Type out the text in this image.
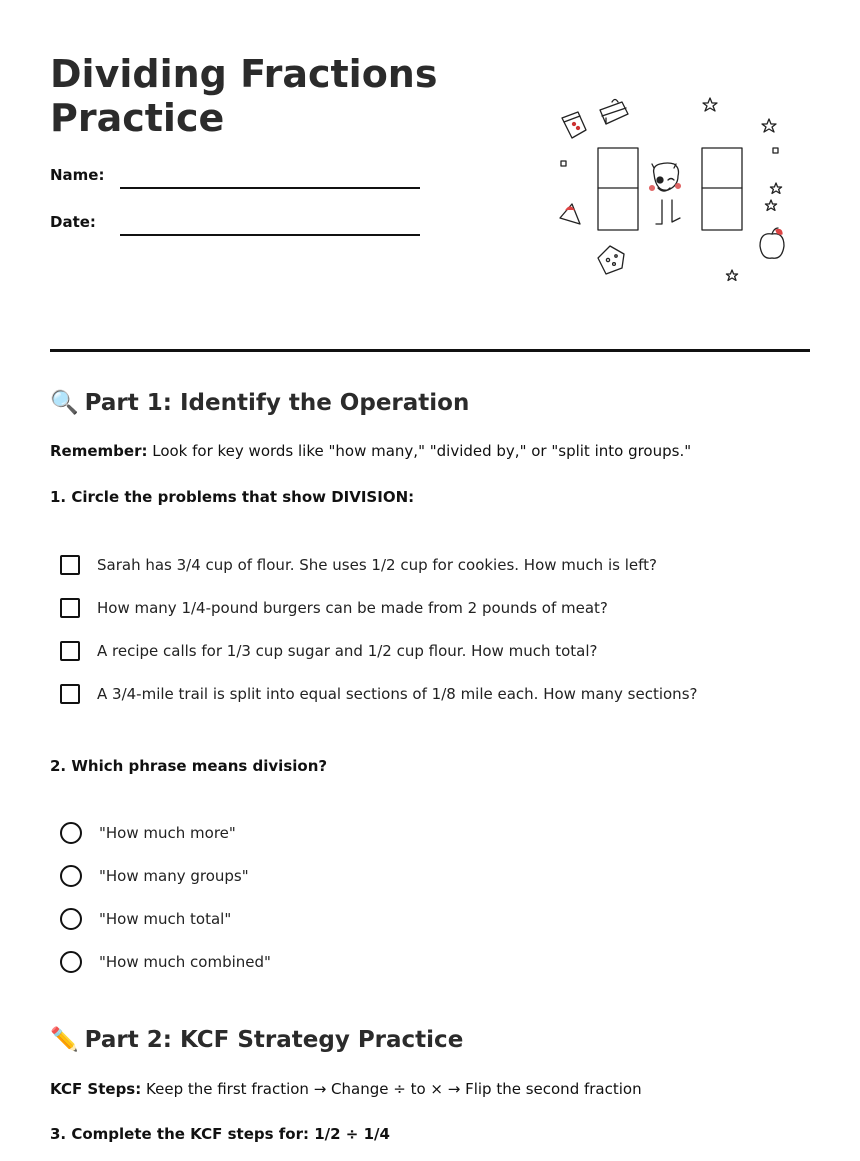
Dividing Fractions
Practice
Name:
Date:
🔍 Part 1: Identify the Operation
Remember: Look for key words like "how many," "divided by," or "split into groups."
1. Circle the problems that show DIVISION:
Sarah has 3/4 cup of flour. She uses 1/2 cup for cookies. How much is left?
How many 1/4-pound burgers can be made from 2 pounds of meat?
A recipe calls for 1/3 cup sugar and 1/2 cup flour. How much total?
A 3/4-mile trail is split into equal sections of 1/8 mile each. How many sections?
2. Which phrase means division?
"How much more"
"How many groups"
"How much total"
"How much combined"
✏️ Part 2: KCF Strategy Practice
KCF Steps: Keep the first fraction → Change ÷ to × → Flip the second fraction
3. Complete the KCF steps for: 1/2 ÷ 1/4
